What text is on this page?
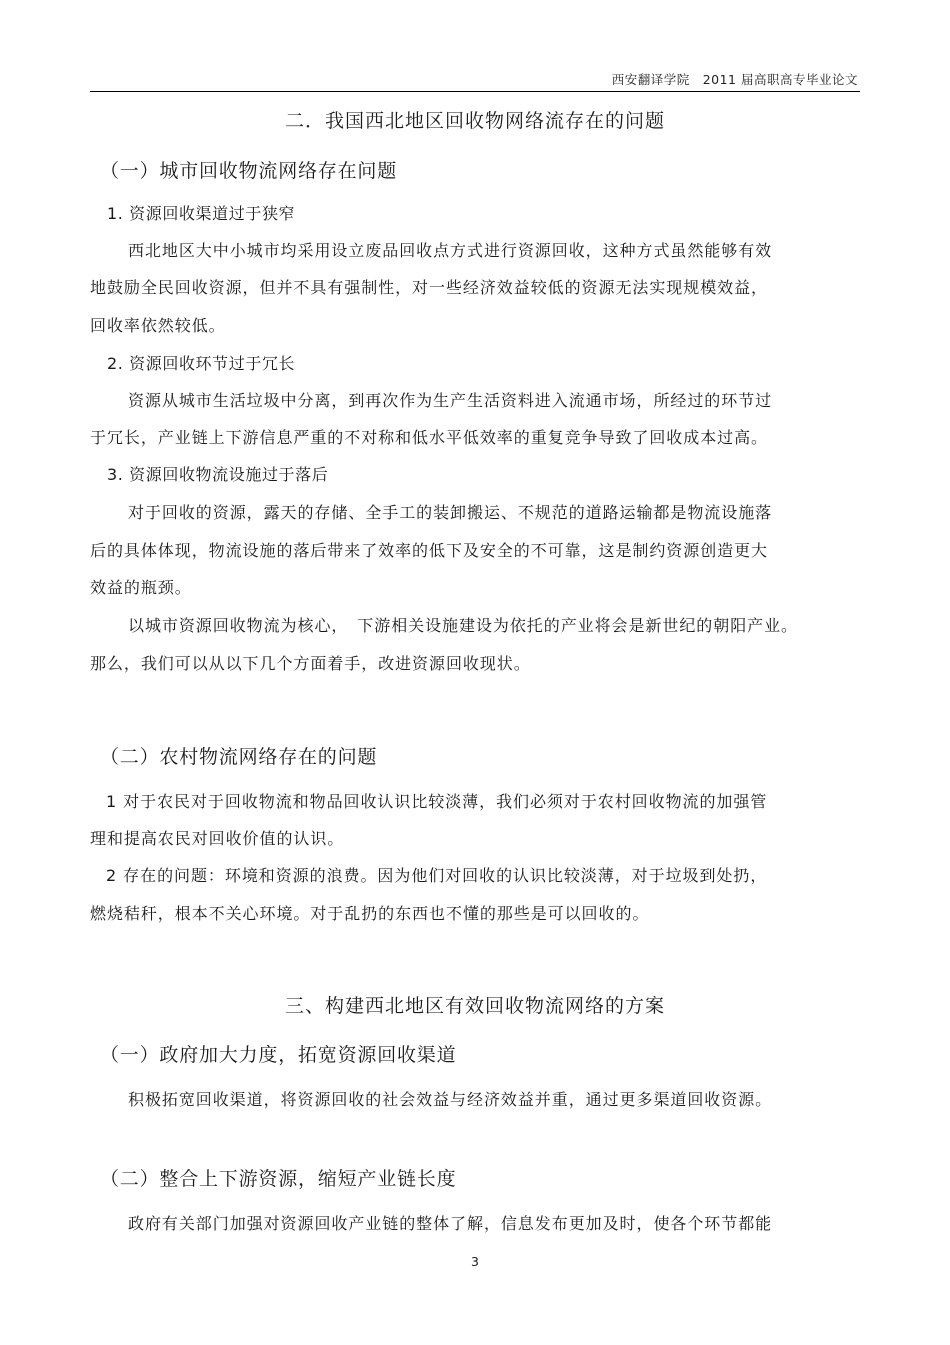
西安翻译学院　2011 届高职高专毕业论文
二．我国西北地区回收物网络流存在的问题
（一）城市回收物流网络存在问题
1. 资源回收渠道过于狭窄
西北地区大中小城市均采用设立废品回收点方式进行资源回收，这种方式虽然能够有效
地鼓励全民回收资源，但并不具有强制性，对一些经济效益较低的资源无法实现规模效益，
回收率依然较低。
2. 资源回收环节过于冗长
资源从城市生活垃圾中分离，到再次作为生产生活资料进入流通市场，所经过的环节过
于冗长，产业链上下游信息严重的不对称和低水平低效率的重复竞争导致了回收成本过高。
3. 资源回收物流设施过于落后
对于回收的资源，露天的存储、全手工的装卸搬运、不规范的道路运输都是物流设施落
后的具体体现，物流设施的落后带来了效率的低下及安全的不可靠，这是制约资源创造更大
效益的瓶颈。
以城市资源回收物流为核心，　下游相关设施建设为依托的产业将会是新世纪的朝阳产业。
那么，我们可以从以下几个方面着手，改进资源回收现状。
（二）农村物流网络存在的问题
1 对于农民对于回收物流和物品回收认识比较淡薄，我们必须对于农村回收物流的加强管
理和提高农民对回收价值的认识。
2 存在的问题：环境和资源的浪费。因为他们对回收的认识比较淡薄，对于垃圾到处扔，
燃烧秸秆，根本不关心环境。对于乱扔的东西也不懂的那些是可以回收的。
三、构建西北地区有效回收物流网络的方案
（一）政府加大力度，拓宽资源回收渠道
积极拓宽回收渠道，将资源回收的社会效益与经济效益并重，通过更多渠道回收资源。
（二）整合上下游资源，缩短产业链长度
政府有关部门加强对资源回收产业链的整体了解，信息发布更加及时，使各个环节都能
3
